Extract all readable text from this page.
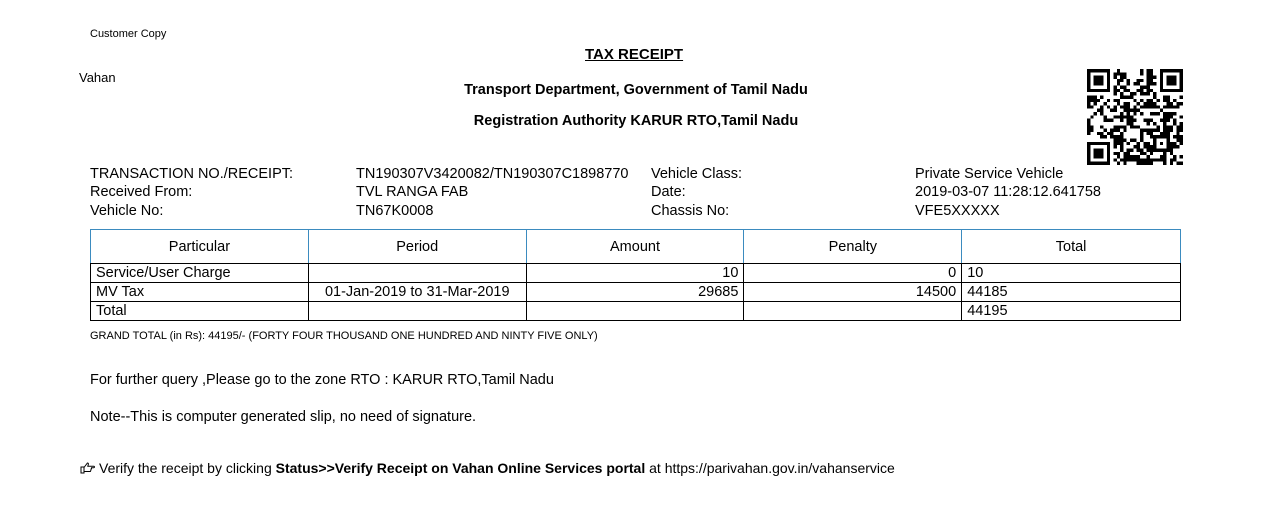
Customer Copy
Vahan
TAX RECEIPT
Transport Department, Government of Tamil Nadu
Registration Authority KARUR RTO,Tamil Nadu
TRANSACTION NO./RECEIPT:	TN190307V3420082/TN190307C1898770 Vehicle Class:	Private Service Vehicle
Received From:	TVL RANGA FAB	Date:	2019-03-07 11:28:12.641758
Vehicle No:	TN67K0008	Chassis No:	VFE5XXXXX
Particular	Period	Amount	Penalty	Total
Service/User Charge		10	0	10
MV Tax	01-Jan-2019 to 31-Mar-2019	29685	14500	44185
Total				44195
GRAND TOTAL (in Rs): 44195/- (FORTY FOUR THOUSAND ONE HUNDRED AND NINTY FIVE ONLY)
For further query ,Please go to the zone RTO : KARUR RTO,Tamil Nadu
Note--This is computer generated slip, no need of signature.
Verify the receipt by clicking Status>>Verify Receipt on Vahan Online Services portal at https://parivahan.gov.in/vahanservice
